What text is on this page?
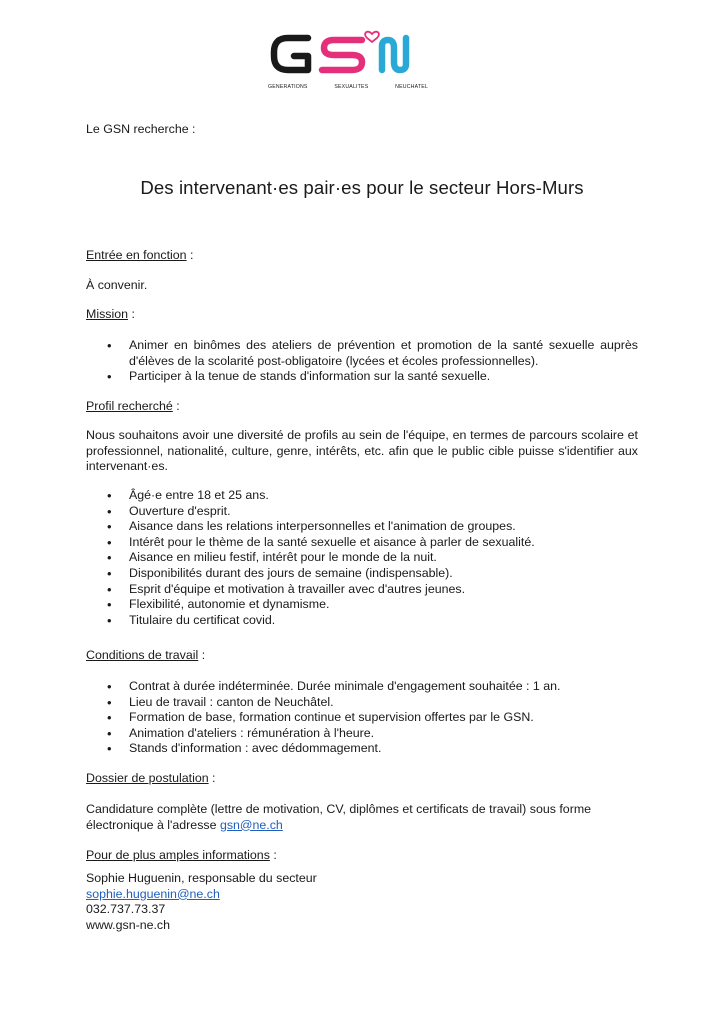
GENERATIONS	SEXUALITES	NEUCHATEL
Le GSN recherche :
Des intervenant·es pair·es pour le secteur Hors-Murs
Entrée en fonction :
À convenir.
Mission :
• Animer en binômes des ateliers de prévention et promotion de la santé sexuelle auprès d'élèves de la scolarité post-obligatoire (lycées et écoles professionnelles).
• Participer à la tenue de stands d'information sur la santé sexuelle.
Profil recherché :
Nous souhaitons avoir une diversité de profils au sein de l'équipe, en termes de parcours scolaire et professionnel, nationalité, culture, genre, intérêts, etc. afin que le public cible puisse s'identifier aux intervenant·es.
• Âgé·e entre 18 et 25 ans.
• Ouverture d'esprit.
• Aisance dans les relations interpersonnelles et l'animation de groupes.
• Intérêt pour le thème de la santé sexuelle et aisance à parler de sexualité.
• Aisance en milieu festif, intérêt pour le monde de la nuit.
• Disponibilités durant des jours de semaine (indispensable).
• Esprit d'équipe et motivation à travailler avec d'autres jeunes.
• Flexibilité, autonomie et dynamisme.
• Titulaire du certificat covid.
Conditions de travail :
• Contrat à durée indéterminée. Durée minimale d'engagement souhaitée : 1 an.
• Lieu de travail : canton de Neuchâtel.
• Formation de base, formation continue et supervision offertes par le GSN.
• Animation d'ateliers : rémunération à l'heure.
• Stands d'information : avec dédommagement.
Dossier de postulation :
Candidature complète (lettre de motivation, CV, diplômes et certificats de travail) sous forme électronique à l'adresse gsn@ne.ch
Pour de plus amples informations :
Sophie Huguenin, responsable du secteur
sophie.huguenin@ne.ch
032.737.73.37
www.gsn-ne.ch
